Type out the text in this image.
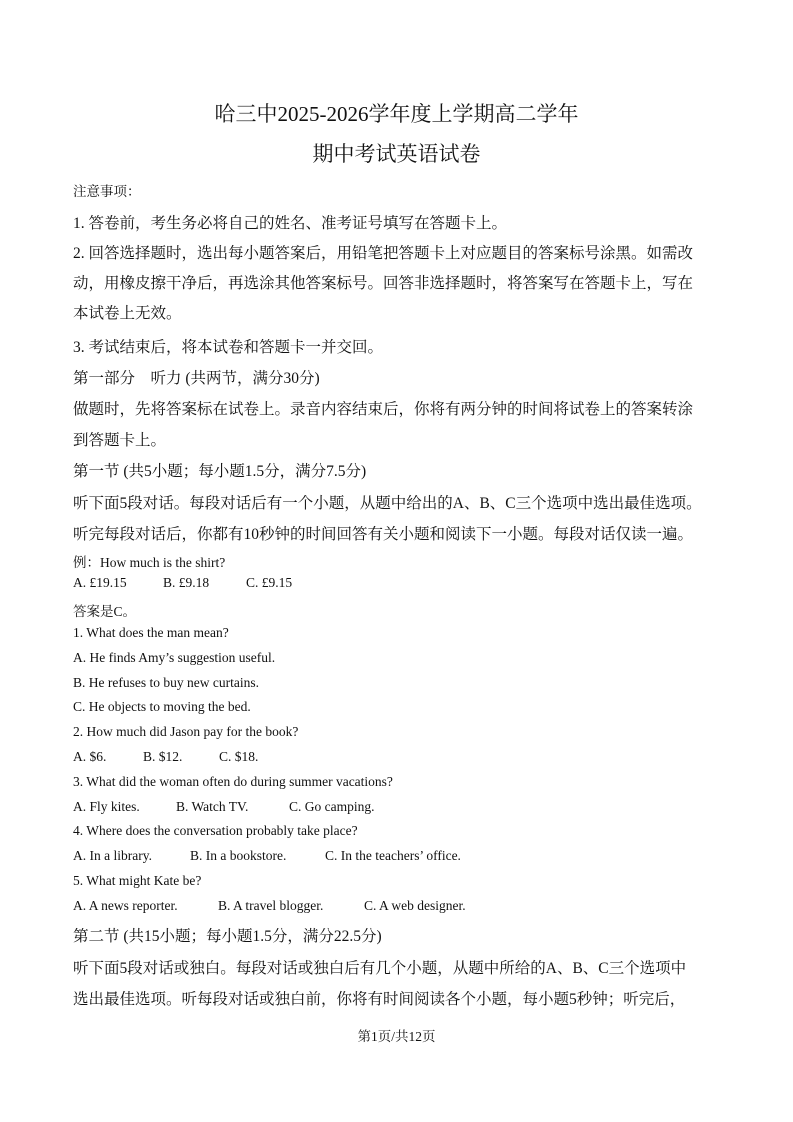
哈三中2025-2026学年度上学期高二学年
期中考试英语试卷
注意事项：
1. 答卷前，考生务必将自己的姓名、准考证号填写在答题卡上。
2. 回答选择题时，选出每小题答案后，用铅笔把答题卡上对应题目的答案标号涂黑。如需改
动，用橡皮擦干净后，再选涂其他答案标号。回答非选择题时，将答案写在答题卡上，写在
本试卷上无效。
3. 考试结束后，将本试卷和答题卡一并交回。
第一部分　听力 (共两节，满分30分)
做题时，先将答案标在试卷上。录音内容结束后，你将有两分钟的时间将试卷上的答案转涂
到答题卡上。
第一节 (共5小题；每小题1.5分，满分7.5分)
听下面5段对话。每段对话后有一个小题，从题中给出的A、B、C三个选项中选出最佳选项。
听完每段对话后，你都有10秒钟的时间回答有关小题和阅读下一小题。每段对话仅读一遍。
例：How much is the shirt?
A. £19.15	B. £9.18	C. £9.15
答案是C。
1. What does the man mean?
A. He finds Amy’s suggestion useful.
B. He refuses to buy new curtains.
C. He objects to moving the bed.
2. How much did Jason pay for the book?
A. $6.	B. $12.	C. $18.
3. What did the woman often do during summer vacations?
A. Fly kites.	B. Watch TV.	C. Go camping.
4. Where does the conversation probably take place?
A. In a library.	B. In a bookstore.	C. In the teachers’ office.
5. What might Kate be?
A. A news reporter.	B. A travel blogger.	C. A web designer.
第二节 (共15小题；每小题1.5分，满分22.5分)
听下面5段对话或独白。每段对话或独白后有几个小题，从题中所给的A、B、C三个选项中
选出最佳选项。听每段对话或独白前，你将有时间阅读各个小题，每小题5秒钟；听完后，
第1页/共12页
